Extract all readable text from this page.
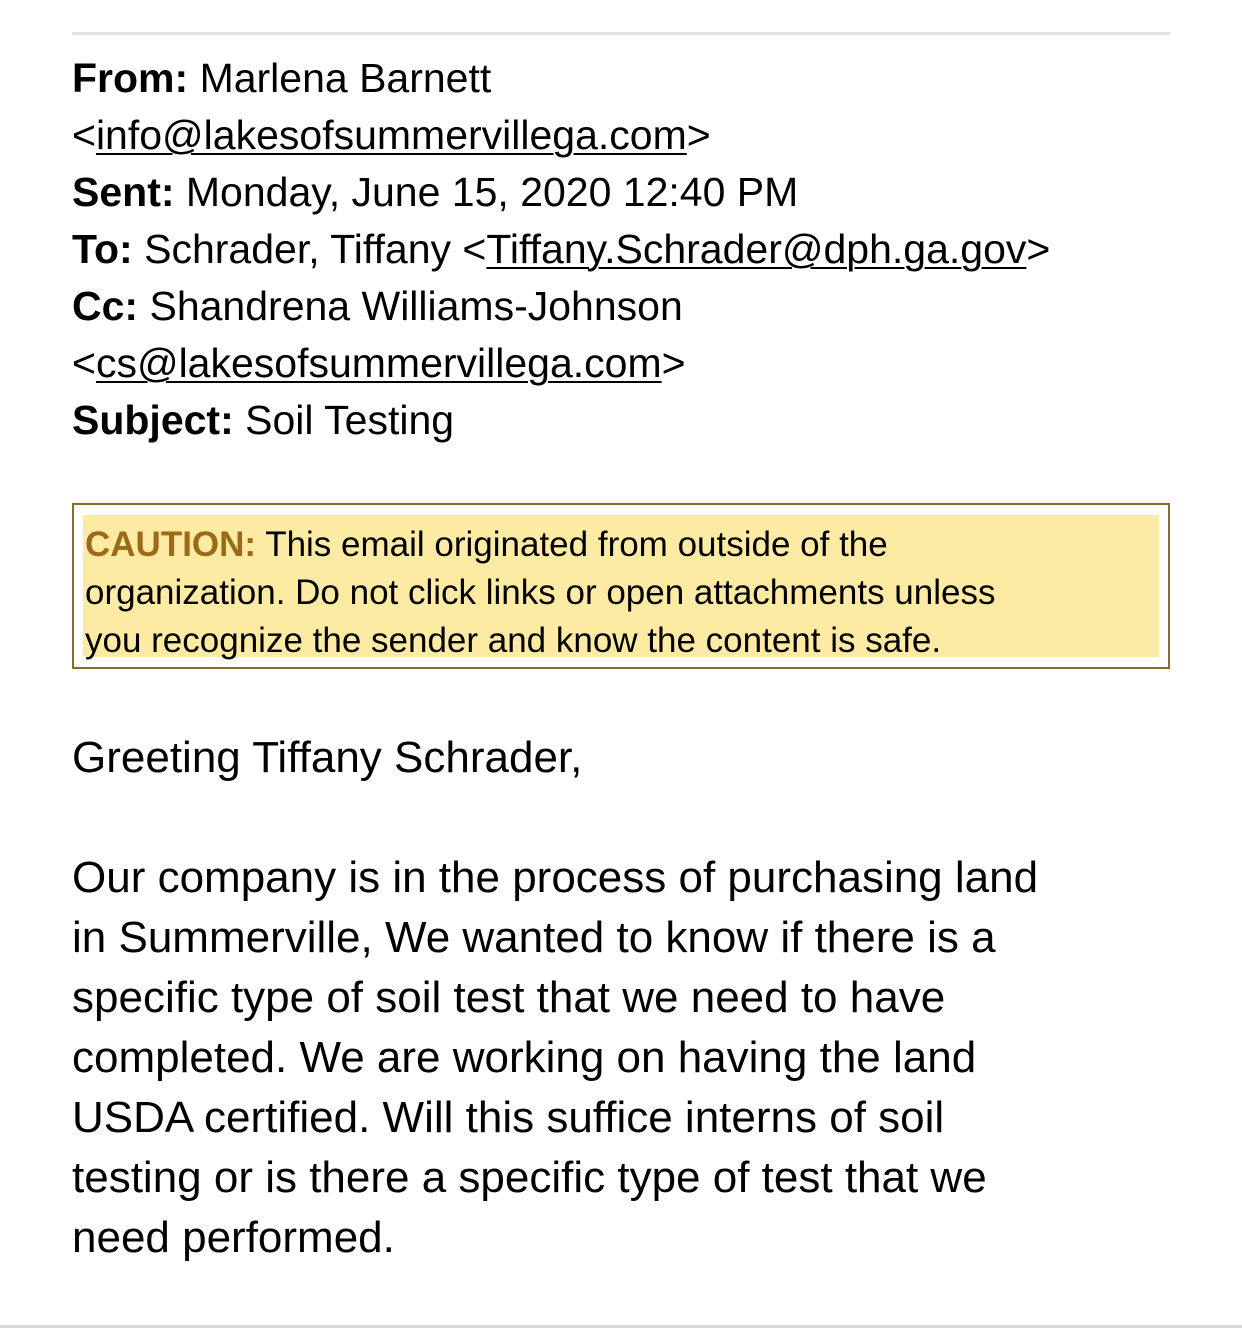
From: Marlena Barnett
<info@lakesofsummervillega.com>
Sent: Monday, June 15, 2020 12:40 PM
To: Schrader, Tiffany <Tiffany.Schrader@dph.ga.gov>
Cc: Shandrena Williams-Johnson
<cs@lakesofsummervillega.com>
Subject: Soil Testing
CAUTION: This email originated from outside of the
organization. Do not click links or open attachments unless
you recognize the sender and know the content is safe.
Greeting Tiffany Schrader,
Our company is in the process of purchasing land
in Summerville, We wanted to know if there is a
specific type of soil test that we need to have
completed. We are working on having the land
USDA certified. Will this suffice interns of soil
testing or is there a specific type of test that we
need performed.
